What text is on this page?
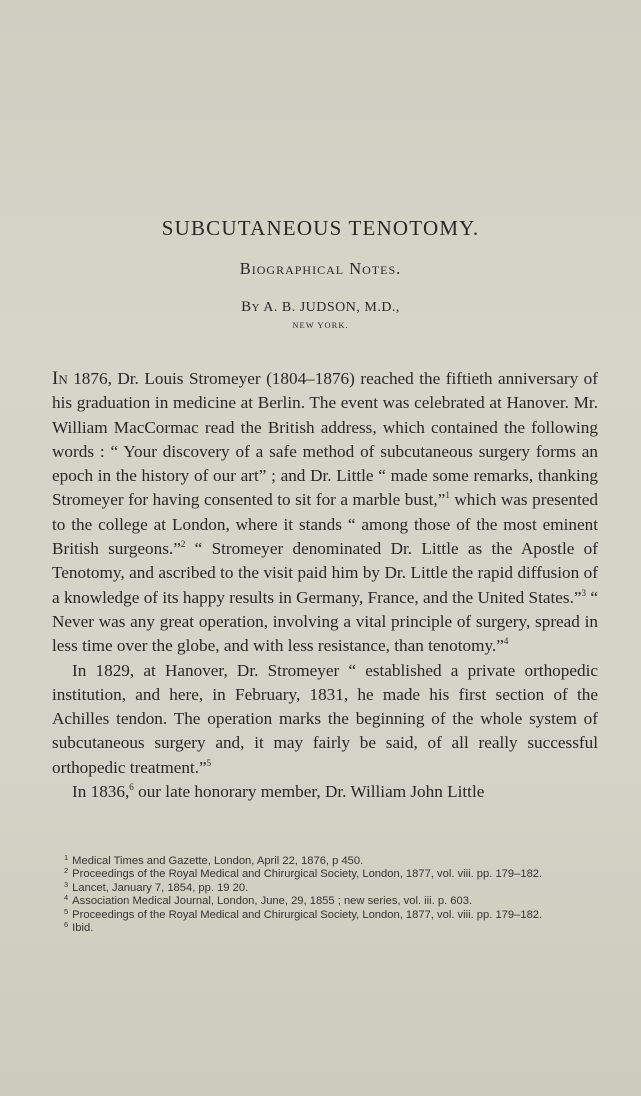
SUBCUTANEOUS TENOTOMY.
Biographical Notes.
By A. B. JUDSON, M.D.,
NEW YORK.

In 1876, Dr. Louis Stromeyer (1804–1876) reached the fiftieth anniversary of his graduation in medicine at Berlin. The event was celebrated at Hanover. Mr. William MacCormac read the British address, which contained the following words : “ Your discovery of a safe method of subcutaneous surgery forms an epoch in the history of our art” ; and Dr. Little “ made some remarks, thanking Stromeyer for having consented to sit for a marble bust,”$^1$ which was presented to the college at London, where it stands “ among those of the most eminent British surgeons.”$^2$ “ Stromeyer denominated Dr. Little as the Apostle of Tenotomy, and ascribed to the visit paid him by Dr. Little the rapid diffusion of a knowledge of its happy results in Germany, France, and the United States.”$^3$ “ Never was any great operation, involving a vital principle of surgery, spread in less time over the globe, and with less resistance, than tenotomy.”$^4$

In 1829, at Hanover, Dr. Stromeyer “ established a private orthopedic institution, and here, in February, 1831, he made his first section of the Achilles tendon. The operation marks the beginning of the whole system of subcutaneous surgery and, it may fairly be said, of all really successful orthopedic treatment.”$^5$

In 1836,$^6$ our late honorary member, Dr. William John Little

$^1$ Medical Times and Gazette, London, April 22, 1876, p 450.

$^2$ Proceedings of the Royal Medical and Chirurgical Society, London, 1877, vol. viii. pp. 179–182.

$^3$ Lancet, January 7, 1854, pp. 19 20.

$^4$ Association Medical Journal, London, June, 29, 1855 ; new series, vol. iii. p. 603.

$^5$ Proceedings of the Royal Medical and Chirurgical Society, London, 1877, vol. viii. pp. 179–182.

$^6$ Ibid.
